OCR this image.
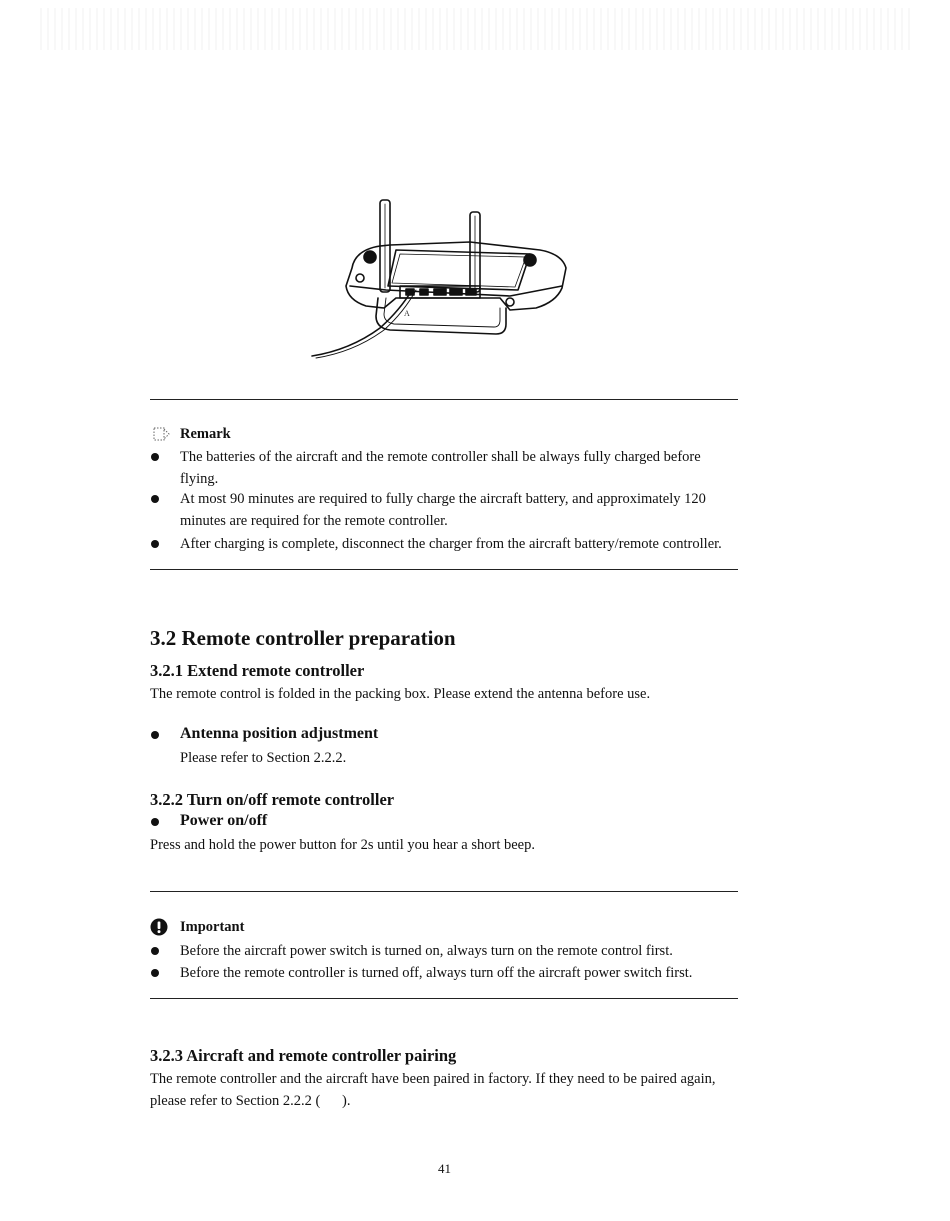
A
Remark
The batteries of the aircraft and the remote controller shall be always fully charged before
flying.
At most 90 minutes are required to fully charge the aircraft battery, and approximately 120
minutes are required for the remote controller.
After charging is complete, disconnect the charger from the aircraft battery/remote controller.
3.2 Remote controller preparation
3.2.1 Extend remote controller
The remote control is folded in the packing box. Please extend the antenna before use.
Antenna position adjustment
Please refer to Section 2.2.2.
3.2.2 Turn on/off remote controller
Power on/off
Press and hold the power button for 2s until you hear a short beep.
Important
Before the aircraft power switch is turned on, always turn on the remote control first.
Before the remote controller is turned off, always turn off the aircraft power switch first.
3.2.3 Aircraft and remote controller pairing
The remote controller and the aircraft have been paired in factory. If they need to be paired again,
please refer to Section 2.2.2 (      ).
41
